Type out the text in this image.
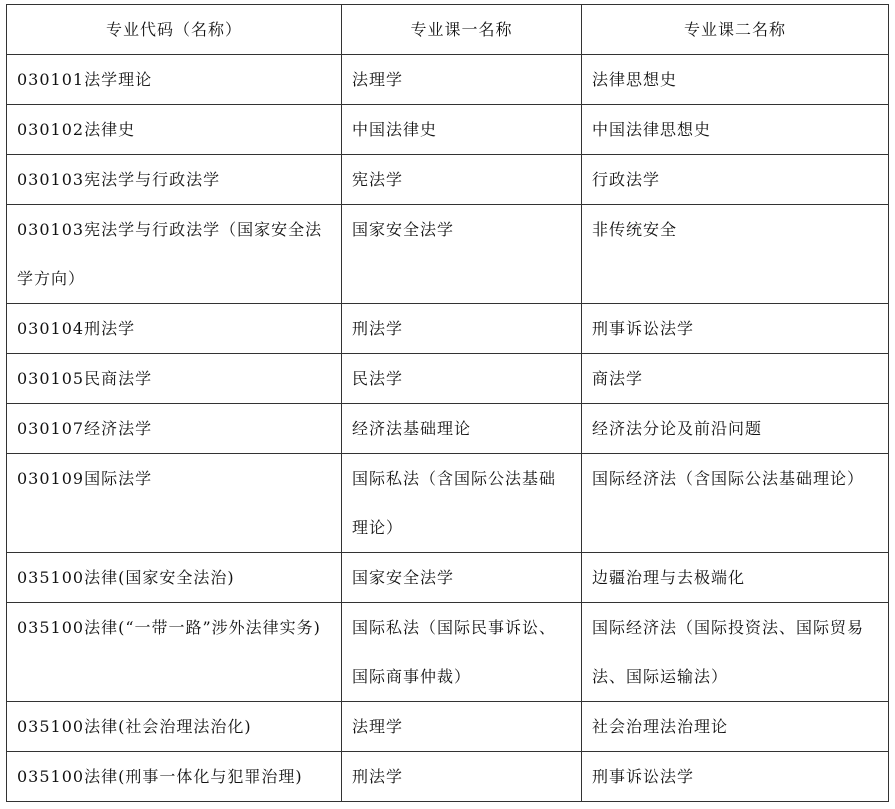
专业代码（名称）	专业课一名称	专业课二名称
030101法学理论	法理学	法律思想史
030102法律史	中国法律史	中国法律思想史
030103宪法学与行政法学	宪法学	行政法学
030103宪法学与行政法学（国家安全法学方向）	国家安全法学	非传统安全
030104刑法学	刑法学	刑事诉讼法学
030105民商法学	民法学	商法学
030107经济法学	经济法基础理论	经济法分论及前沿问题
030109国际法学	国际私法（含国际公法基础理论）	国际经济法（含国际公法基础理论）
035100法律(国家安全法治)	国家安全法学	边疆治理与去极端化
035100法律(“一带一路”涉外法律实务)	国际私法（国际民事诉讼、国际商事仲裁）	国际经济法（国际投资法、国际贸易法、国际运输法）
035100法律(社会治理法治化)	法理学	社会治理法治理论
035100法律(刑事一体化与犯罪治理)	刑法学	刑事诉讼法学
